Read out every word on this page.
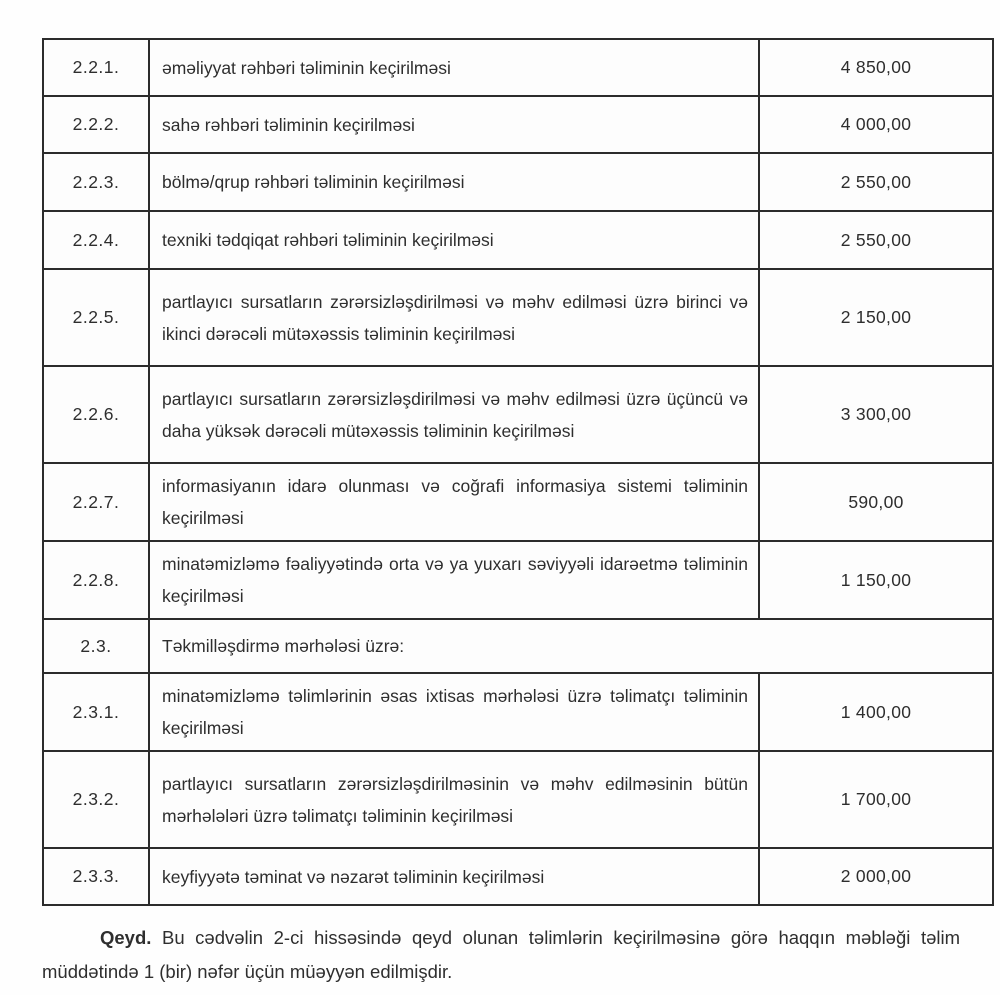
2.2.1.	əməliyyat rəhbəri təliminin keçirilməsi	4 850,00
2.2.2.	sahə rəhbəri təliminin keçirilməsi	4 000,00
2.2.3.	bölmə/qrup rəhbəri təliminin keçirilməsi	2 550,00
2.2.4.	texniki tədqiqat rəhbəri təliminin keçirilməsi	2 550,00
2.2.5.	partlayıcı sursatların zərərsizləşdirilməsi və məhv edilməsi üzrə birinci və ikinci dərəcəli mütəxəssis təliminin keçirilməsi	2 150,00
2.2.6.	partlayıcı sursatların zərərsizləşdirilməsi və məhv edilməsi üzrə üçüncü və daha yüksək dərəcəli mütəxəssis təliminin keçirilməsi	3 300,00
2.2.7.	informasiyanın idarə olunması və coğrafi informasiya sistemi təliminin keçirilməsi	590,00
2.2.8.	minatəmizləmə fəaliyyətində orta və ya yuxarı səviyyəli idarəetmə təliminin keçirilməsi	1 150,00
2.3.	Təkmilləşdirmə mərhələsi üzrə:	
2.3.1.	minatəmizləmə təlimlərinin əsas ixtisas mərhələsi üzrə təlimatçı təliminin keçirilməsi	1 400,00
2.3.2.	partlayıcı sursatların zərərsizləşdirilməsinin və məhv edilməsinin bütün mərhələləri üzrə təlimatçı təliminin keçirilməsi	1 700,00
2.3.3.	keyfiyyətə təminat və nəzarət təliminin keçirilməsi	2 000,00

Qeyd. Bu cədvəlin 2-ci hissəsində qeyd olunan təlimlərin keçirilməsinə görə haqqın məbləği təlim müddətində 1 (bir) nəfər üçün müəyyən edilmişdir.
